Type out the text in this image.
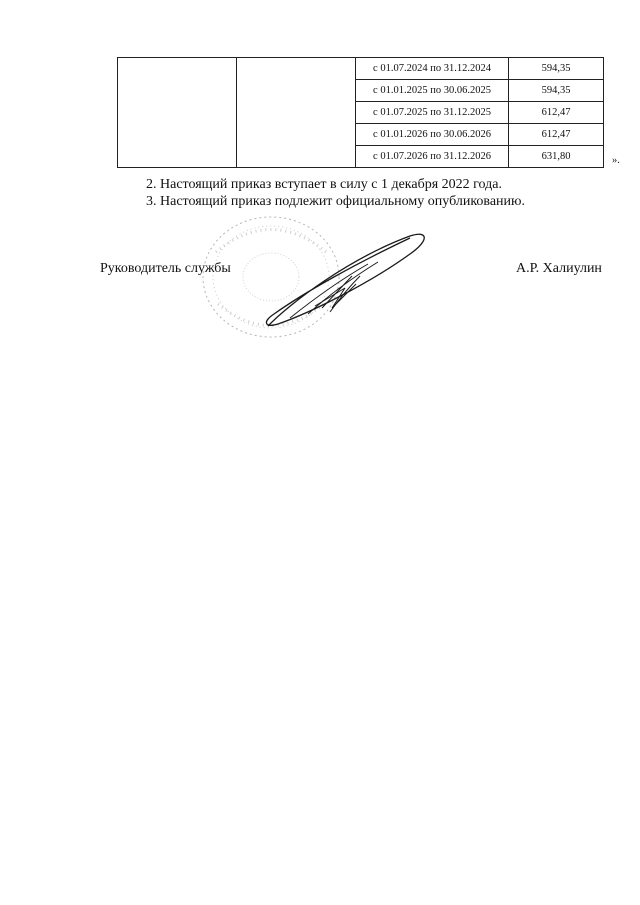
		с 01.07.2024 по 31.12.2024	594,35
		с 01.01.2025 по 30.06.2025	594,35
		с 01.07.2025 по 31.12.2025	612,47
		с 01.01.2026 по 30.06.2026	612,47
		с 01.07.2026 по 31.12.2026	631,80	».
2. Настоящий приказ вступает в силу с 1 декабря 2022 года.
3. Настоящий приказ подлежит официальному опубликованию.
Руководитель службы	А.Р. Халиулин
